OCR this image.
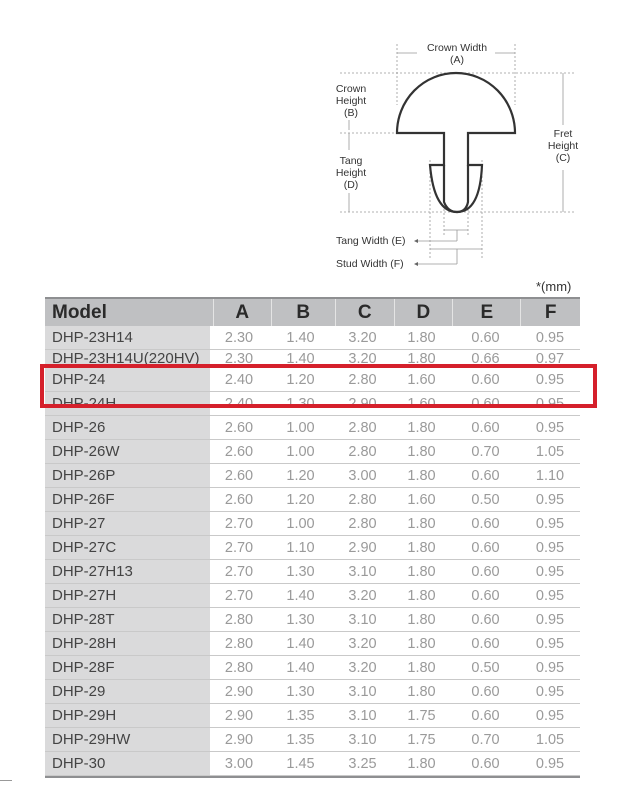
Crown Width
(A)
Crown
Height
(B)
Tang
Height
(D)
Fret
Height
(C)
Tang Width (E)
Stud Width (F)
*(mm)
Model	A	B	C	D	E	F
DHP-23H14	2.30	1.40	3.20	1.80	0.60	0.95
DHP-23H14U(220HV)	2.30	1.40	3.20	1.80	0.66	0.97
DHP-24	2.40	1.20	2.80	1.60	0.60	0.95
DHP-24H	2.40	1.30	2.90	1.60	0.60	0.95
DHP-26	2.60	1.00	2.80	1.80	0.60	0.95
DHP-26W	2.60	1.00	2.80	1.80	0.70	1.05
DHP-26P	2.60	1.20	3.00	1.80	0.60	1.10
DHP-26F	2.60	1.20	2.80	1.60	0.50	0.95
DHP-27	2.70	1.00	2.80	1.80	0.60	0.95
DHP-27C	2.70	1.10	2.90	1.80	0.60	0.95
DHP-27H13	2.70	1.30	3.10	1.80	0.60	0.95
DHP-27H	2.70	1.40	3.20	1.80	0.60	0.95
DHP-28T	2.80	1.30	3.10	1.80	0.60	0.95
DHP-28H	2.80	1.40	3.20	1.80	0.60	0.95
DHP-28F	2.80	1.40	3.20	1.80	0.50	0.95
DHP-29	2.90	1.30	3.10	1.80	0.60	0.95
DHP-29H	2.90	1.35	3.10	1.75	0.60	0.95
DHP-29HW	2.90	1.35	3.10	1.75	0.70	1.05
DHP-30	3.00	1.45	3.25	1.80	0.60	0.95
